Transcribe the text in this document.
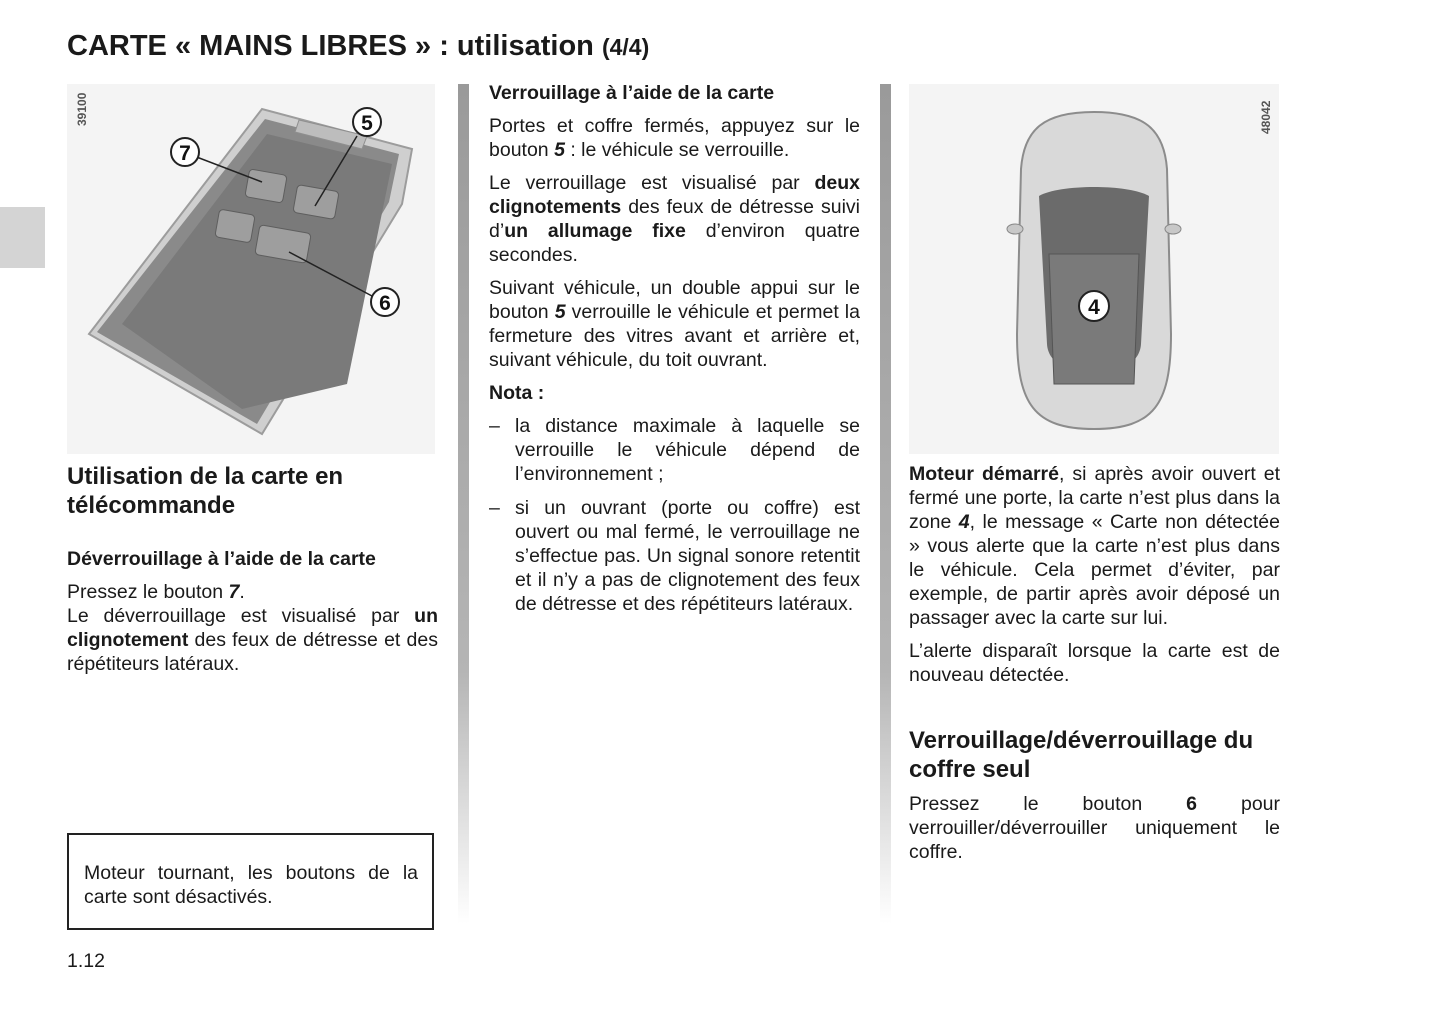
CARTE « MAINS LIBRES » : utilisation (4/4)
7
5
6
39100
Utilisation de la carte en télécommande
Déverrouillage à l’aide de la carte

Pressez le bouton 7.

Le déverrouillage est visualisé par un clignotement des feux de détresse et des répétiteurs latéraux.

Moteur tournant, les boutons de la carte sont désactivés.
1.12
Verrouillage à l’aide de la carte

Portes et coffre fermés, appuyez sur le bouton 5 : le véhicule se verrouille.

Le verrouillage est visualisé par deux clignotements des feux de détresse suivi d’un allumage fixe d’environ quatre secondes.

Suivant véhicule, un double appui sur le bouton 5 verrouille le véhicule et permet la fermeture des vitres avant et arrière et, suivant véhicule, du toit ouvrant.

Nota :
– la distance maximale à laquelle se verrouille le véhicule dépend de l’environnement ;
– si un ouvrant (porte ou coffre) est ouvert ou mal fermé, le verrouillage ne s’effectue pas. Un signal sonore retentit et il n’y a pas de clignotement des feux de détresse et des répétiteurs latéraux.
4
48042

Moteur démarré, si après avoir ouvert et fermé une porte, la carte n’est plus dans la zone 4, le message « Carte non détectée » vous alerte que la carte n’est plus dans le véhicule. Cela permet d’éviter, par exemple, de partir après avoir déposé un passager avec la carte sur lui.

L’alerte disparaît lorsque la carte est de nouveau détectée.

Verrouillage/déverrouillage du coffre seul

Pressez le bouton 6 pour verrouiller/déverrouiller uniquement le coffre.
